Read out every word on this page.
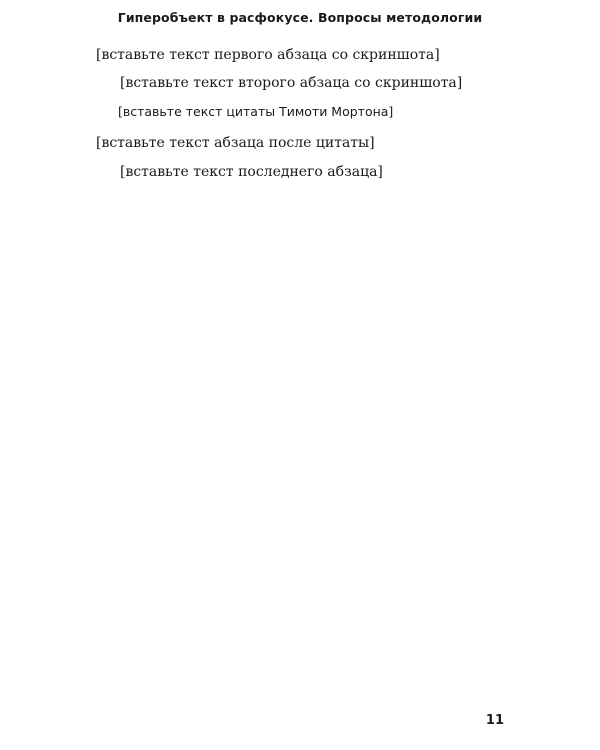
Гиперобъект в расфокусе. Вопросы методологии

[вставьте текст первого абзаца со скриншота]

[вставьте текст второго абзаца со скриншота]

[вставьте текст цитаты Тимоти Мортона]

[вставьте текст абзаца после цитаты]

[вставьте текст последнего абзаца]

11
